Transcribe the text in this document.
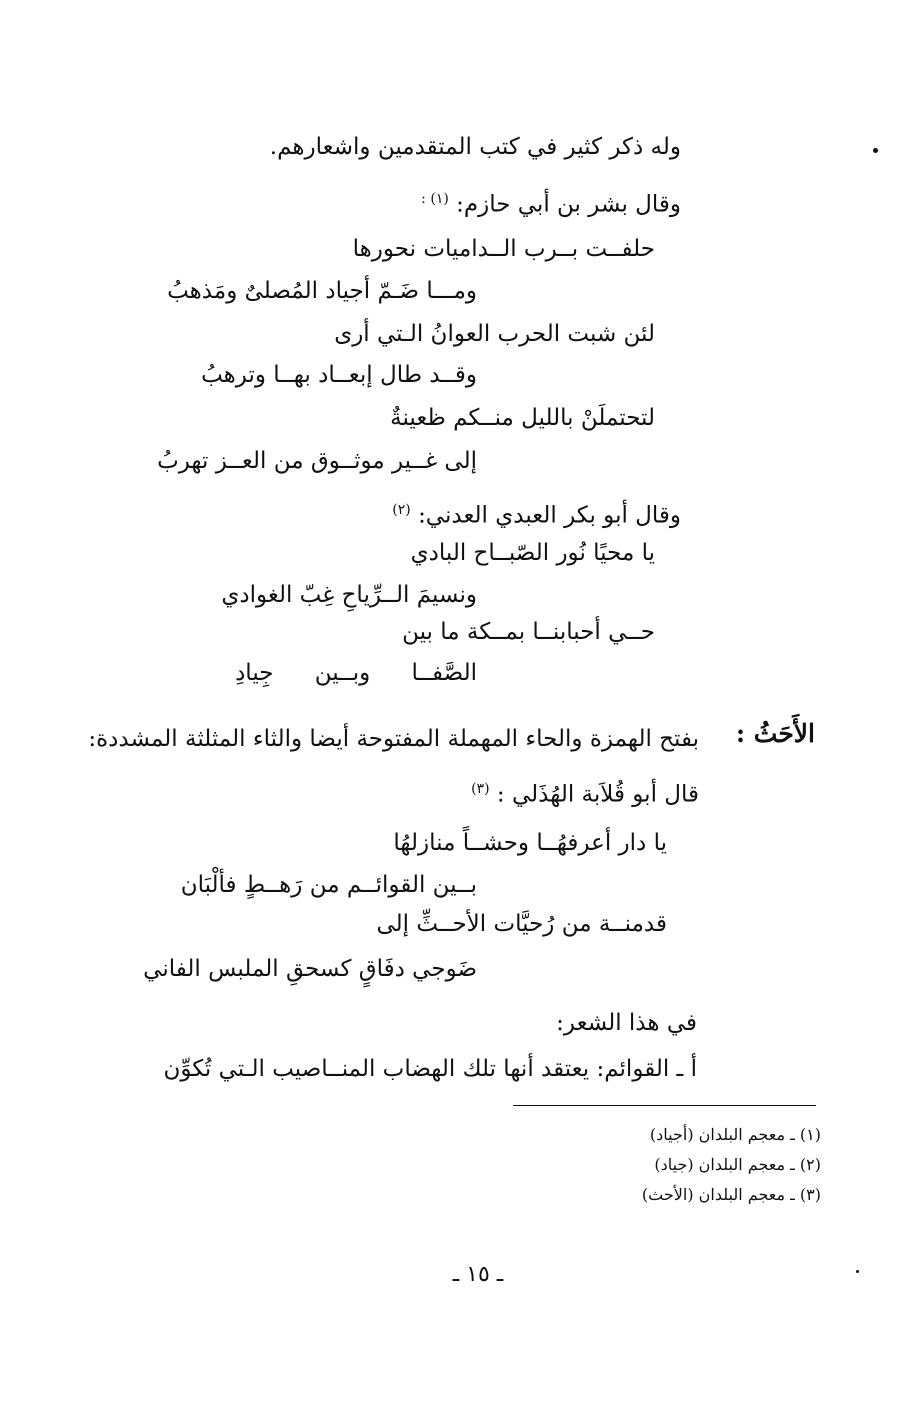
وله ذكر كثير في كتب المتقدمين واشعارهم.
وقال بشر بن أبي حازم: $^{(١) :}$
حلفــت بــرب الــداميات نحورها
ومـــا ضَـمّ أجياد المُصلىٌ ومَذهبُ
لئن شبت الحرب العوانُ الـتي أرى
وقــد طال إبعــاد بهــا وترهبُ
لتحتملَنْ بالليل منــكم ظعينةٌ
إلى غــير موثــوق من العــز تهربُ
وقال أبو بكر العبدي العدني: $^{(٢)}$
يا محيًا نُور الصّبــاح البادي
ونسيمَ الــرِّياحِ غِبّ الغوادي
حــي أحبابنــا بمــكة ما بين
الصَّفــا وبــين جِيادِ
الأَحَثُ :
بفتح الهمزة والحاء المهملة المفتوحة أيضا والثاء المثلثة المشددة:
قال أبو قُلاَبة الهُذَلي : $^{(٣)}$
يا دار أعرفهُــا وحشــاً منازلهُا
بــين القوائــم من رَهــطٍ فألْبَان
قدمنــة من رُحيَّات الأحــثِّ إلى
ضَوجي دفَاقٍ كسحقِ الملبس الفاني
في هذا الشعر:
أ ـ القوائم: يعتقد أنها تلك الهضاب المنــاصيب الـتي تُكوِّن
(١) ـ معجم البلدان (أجياد)
(٢) ـ معجم البلدان (جياد)
(٣) ـ معجم البلدان (الأحث)
ـ ١٥ ـ
